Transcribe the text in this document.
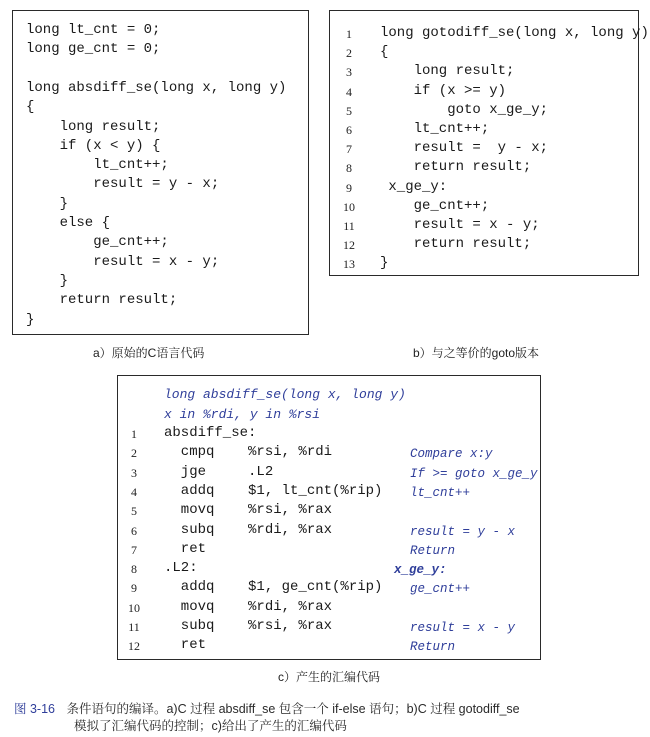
long lt_cnt = 0;
long ge_cnt = 0;
long absdiff_se(long x, long y)
{
long result;
if (x < y) {
lt_cnt++;
result = y - x;
}
else {
ge_cnt++;
result = x - y;
}
return result;
}
a）原始的C语言代码
1
2
3
4
5
6
7
8
9
10
11
12
13
long gotodiff_se(long x, long y)
{
long result;
if (x >= y)
goto x_ge_y;
lt_cnt++;
result =  y - x;
return result;
x_ge_y:
ge_cnt++;
result = x - y;
return result;
}
b）与之等价的goto版本
long absdiff_se(long x, long y)
x in %rdi, y in %rsi
1
2
3
4
5
6
7
8
9
10
11
12
absdiff_se:
cmpq    %rsi, %rdi
jge     .L2
addq    $1, lt_cnt(%rip)
movq    %rsi, %rax
subq    %rdi, %rax
ret
.L2:
addq    $1, ge_cnt(%rip)
movq    %rdi, %rax
subq    %rsi, %rax
ret
Compare x:y
If >= goto x_ge_y
lt_cnt++
result = y - x
Return
x_ge_y:
ge_cnt++
result = x - y
Return
c）产生的汇编代码
图 3-16 条件语句的编译。a)C 过程 absdiff_se 包含一个 if-else 语句；b)C 过程 gotodiff_se
模拟了汇编代码的控制；c)给出了产生的汇编代码
